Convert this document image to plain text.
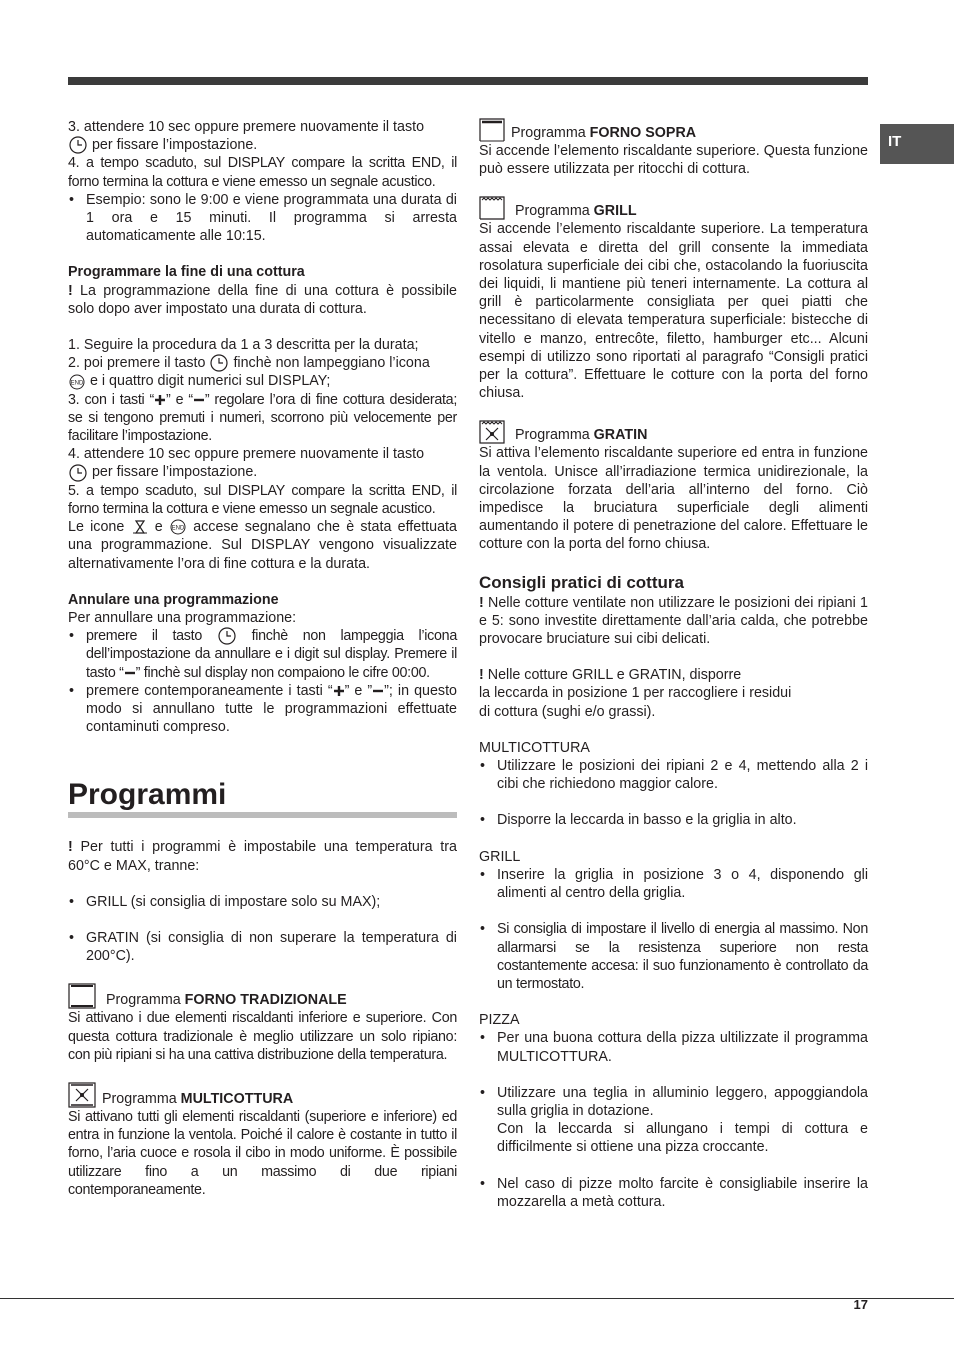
IT

3. attendere 10 sec oppure premere nuovamente il tasto

per fissare l’impostazione.

4. a tempo scaduto, sul DISPLAY compare la scritta END, il forno termina la cottura e viene emesso un segnale acustico.

• Esempio: sono le 9:00 e viene programmata una durata di 1 ora e 15 minuti. Il programma si arresta automaticamente alle 10:15.

Programmare la fine di una cottura

! La programmazione della fine di una cottura è possibile solo dopo aver impostato una durata di cottura.

1. Seguire la procedura da 1 a 3 descritta per la durata;

2. poi premere il tasto finchè non lampeggiano l’icona

END e i quattro digit numerici sul DISPLAY;

3. con i tasti “ ” e “ ” regolare l’ora di fine cottura desiderata; se si tengono premuti i numeri, scorrono più velocemente per facilitare l’impostazione.

4. attendere 10 sec oppure premere nuovamente il tasto

per fissare l’impostazione.

5. a tempo scaduto, sul DISPLAY compare la scritta END, il forno termina la cottura e viene emesso un segnale acustico.

Le icone e END accese segnalano che è stata effettuata una programmazione. Sul DISPLAY vengono visualizzate alternativamente l’ora di fine cottura e la durata.

Annulare una programmazione

Per annullare una programmazione:

• premere il tasto	finchè non lampeggia l’icona dell’impostazione da annullare e i digit sul display. Premere il tasto “ ” finchè sul display non compaiono le cifre 00:00.
• premere contemporaneamente i tasti “ ” e ” ”; in questo modo si annullano tutte le programmazioni effettuate contaminuti compreso.
Programmi

! Per tutti i programmi è impostabile una temperatura tra 60°C e MAX, tranne:

• GRILL (si consiglia di impostare solo su MAX);
• GRATIN (si consiglia di non superare la temperatura di 200°C).
Programma FORNO TRADIZIONALE

Si attivano i due elementi riscaldanti inferiore e superiore. Con questa cottura tradizionale è meglio utilizzare un solo ripiano: con più ripiani si ha una cattiva distribuzione della temperatura.

Programma MULTICOTTURA

Si attivano tutti gli elementi riscaldanti (superiore e inferiore) ed entra in funzione la ventola. Poiché il calore è costante in tutto il forno, l’aria cuoce e rosola il cibo in modo uniforme. È possibile utilizzare fino a un massimo di due ripiani contemporaneamente.

Programma FORNO SOPRA

Si accende l’elemento riscaldante superiore. Questa funzione può essere utilizzata per ritocchi di cottura.

Programma GRILL

Si accende l’elemento riscaldante superiore. La temperatura assai elevata e diretta del grill consente la immediata rosolatura superficiale dei cibi che, ostacolando la fuoriuscita dei liquidi, li mantiene più teneri internamente. La cottura al grill è particolarmente consigliata per quei piatti che necessitano di elevata temperatura superficiale: bistecche di vitello e manzo, entrecôte, filetto, hamburger etc... Alcuni esempi di utilizzo sono riportati al paragrafo “Consigli pratici per la cottura”. Effettuare le cotture con la porta del forno chiusa.

Programma GRATIN

Si attiva l’elemento riscaldante superiore ed entra in funzione la ventola. Unisce all’irradiazione termica unidirezionale, la circolazione forzata dell’aria all’interno del forno. Ciò impedisce la bruciatura superficiale degli alimenti aumentando il potere di penetrazione del calore. Effettuare le cotture con la porta del forno chiusa.

Consigli pratici di cottura

! Nelle cotture ventilate non utilizzare le posizioni dei ripiani 1 e 5: sono investite direttamente dall’aria calda, che potrebbe provocare bruciature sui cibi delicati.

! Nelle cotture GRILL e GRATIN, disporre
la leccarda in posizione 1 per raccogliere i residui
di cottura (sughi e/o grassi).

MULTICOTTURA

• Utilizzare le posizioni dei ripiani 2 e 4, mettendo alla 2 i cibi che richiedono maggior calore.
• Disporre la leccarda in basso e la griglia in alto.

GRILL

• Inserire la griglia in posizione 3 o 4, disponendo gli alimenti al centro della griglia.
• Si consiglia di impostare il livello di energia al massimo. Non allarmarsi se la resistenza superiore non resta costantemente accesa: il suo funzionamento è controllato da un termostato.

PIZZA

• Per una buona cottura della pizza ultilizzate il programma MULTICOTTURA.
• Utilizzare una teglia in alluminio leggero, appoggiandola sulla griglia in dotazione.
Con la leccarda si allungano i tempi di cottura e difficilmente si ottiene una pizza croccante.
• Nel caso di pizze molto farcite è consigliabile inserire la mozzarella a metà cottura.
17
